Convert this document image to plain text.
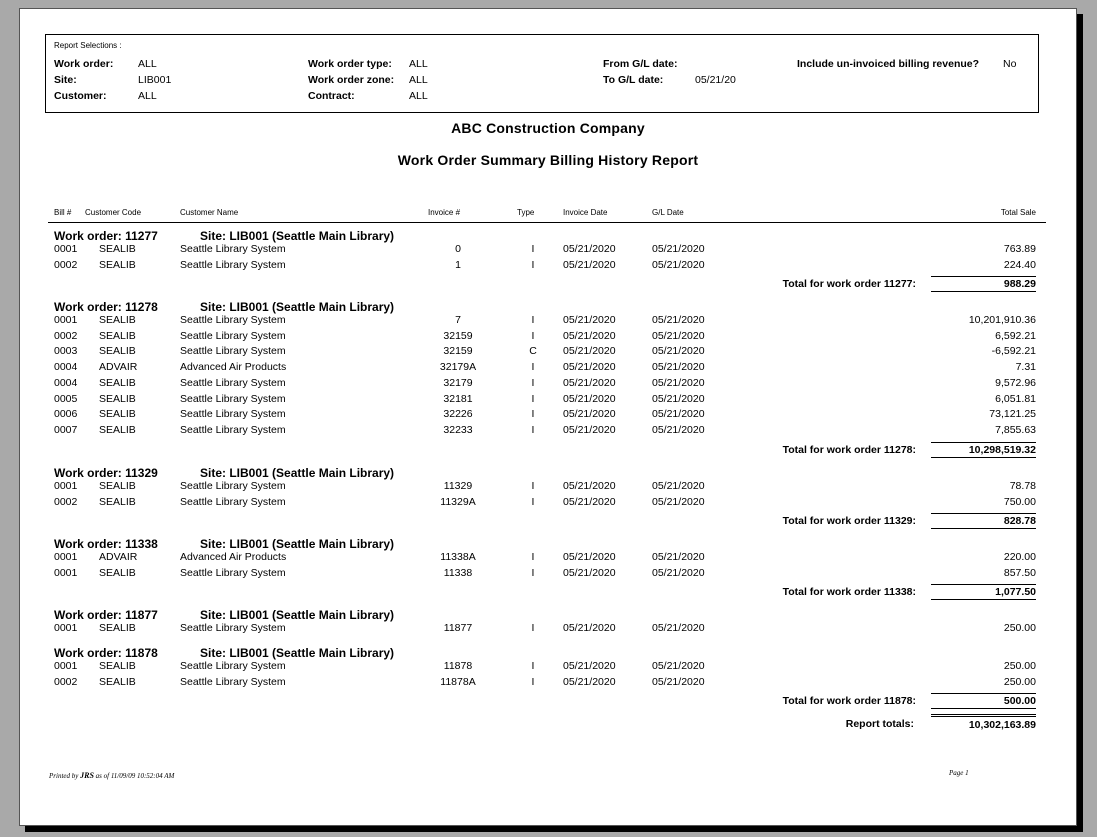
Report Selections :
Work order: ALL
Site:	LIB001
Customer:	ALL
Work order type: ALL
Work order zone: ALL
Contract:	ALL
From G/L date:
To G/L date:	05/21/20
Include un-invoiced billing revenue? No
ABC Construction Company
Work Order Summary Billing History Report
Bill # Customer Code	Customer Name	Invoice #	Type	Invoice Date	G/L Date	Total Sale
Work order: 11277	Site: LIB001 (Seattle Main Library)
0001 SEALIB	Seattle Library System	0	I	05/21/2020	05/21/2020	763.89
0002 SEALIB	Seattle Library System	1	I	05/21/2020	05/21/2020	224.40
Total for work order 11277:	988.29
Work order: 11278	Site: LIB001 (Seattle Main Library)
0001 SEALIB	Seattle Library System	7	I	05/21/2020	05/21/2020	10,201,910.36
0002 SEALIB	Seattle Library System	32159	I	05/21/2020	05/21/2020	6,592.21
0003 SEALIB	Seattle Library System	32159	C	05/21/2020	05/21/2020	-6,592.21
0004 ADVAIR	Advanced Air Products	32179A	I	05/21/2020	05/21/2020	7.31
0004 SEALIB	Seattle Library System	32179	I	05/21/2020	05/21/2020	9,572.96
0005 SEALIB	Seattle Library System	32181	I	05/21/2020	05/21/2020	6,051.81
0006 SEALIB	Seattle Library System	32226	I	05/21/2020	05/21/2020	73,121.25
0007 SEALIB	Seattle Library System	32233	I	05/21/2020	05/21/2020	7,855.63
Total for work order 11278:	10,298,519.32
Work order: 11329	Site: LIB001 (Seattle Main Library)
0001 SEALIB	Seattle Library System	11329	I	05/21/2020	05/21/2020	78.78
0002 SEALIB	Seattle Library System	11329A	I	05/21/2020	05/21/2020	750.00
Total for work order 11329:	828.78
Work order: 11338	Site: LIB001 (Seattle Main Library)
0001 ADVAIR	Advanced Air Products	11338A	I	05/21/2020	05/21/2020	220.00
0001 SEALIB	Seattle Library System	11338	I	05/21/2020	05/21/2020	857.50
Total for work order 11338:	1,077.50
Work order: 11877	Site: LIB001 (Seattle Main Library)
0001 SEALIB	Seattle Library System	11877	I	05/21/2020	05/21/2020	250.00
Work order: 11878	Site: LIB001 (Seattle Main Library)
0001 SEALIB	Seattle Library System	11878	I	05/21/2020	05/21/2020	250.00
0002 SEALIB	Seattle Library System	11878A	I	05/21/2020	05/21/2020	250.00
Total for work order 11878:	500.00
Report totals:	10,302,163.89
Printed by JRS as of 11/09/09 10:52:04 AM	Page 1
